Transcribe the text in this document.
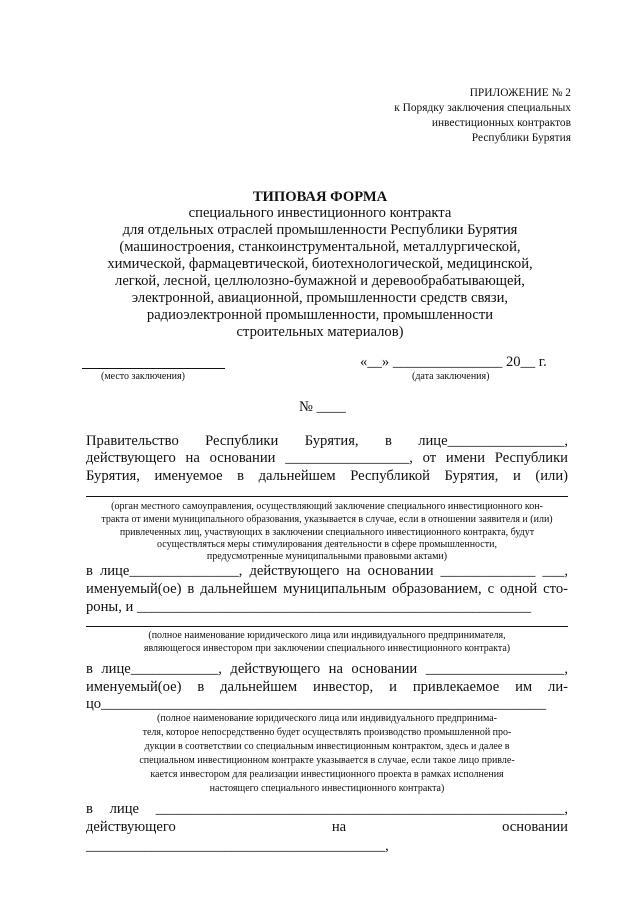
ПРИЛОЖЕНИЕ № 2
к Порядку заключения специальных
инвестиционных контрактов
Республики Бурятия
ТИПОВАЯ ФОРМА
специального инвестиционного контракта
для отдельных отраслей промышленности Республики Бурятия
(машиностроения, станкоинструментальной, металлургической,
химической, фармацевтической, биотехнологической, медицинской,
легкой, лесной, целлюлозно-бумажной и деревообрабатывающей,
электронной, авиационной, промышленности средств связи,
радиоэлектронной промышленности, промышленности
строительных материалов)
(место заключения)
«__» _______________ 20__ г.
(дата заключения)
№ ____
Правительство Республики Бурятия, в лице________________,
действующего на основании _________________, от имени Республики
Бурятия, именуемое в дальнейшем Республикой Бурятия, и (или)
(орган местного самоуправления, осуществляющий заключение специального инвестиционного кон-
тракта от имени муниципального образования, указывается в случае, если в отношении заявителя и (или)
привлеченных лиц, участвующих в заключении специального инвестиционного контракта, будут
осуществляться меры стимулирования деятельности в сфере промышленности,
предусмотренные муниципальными правовыми актами)
в лице_______________, действующего на основании _____________ ___,
именуемый(ое) в дальнейшем муниципальным образованием, с одной сто-
роны, и ______________________________________________________
(полное наименование юридического лица или индивидуального предпринимателя,
являющегося инвестором при заключении специального инвестиционного контракта)
в лице____________, действующего на основании ___________________,
именуемый(ое) в дальнейшем инвестор, и привлекаемое им ли-
цо_____________________________________________________________
(полное наименование юридического лица или индивидуального предпринима-
теля, которое непосредственно будет осуществлять производство промышленной про-
дукции в соответствии со специальным инвестиционным контрактом, здесь и далее в
специальном инвестиционном контракте указывается в случае, если такое лицо привле-
кается инвестором для реализации инвестиционного проекта в рамках исполнения
настоящего специального инвестиционного контракта)
в лице ________________________________________________________,
действующего на основании _________________________________________,
